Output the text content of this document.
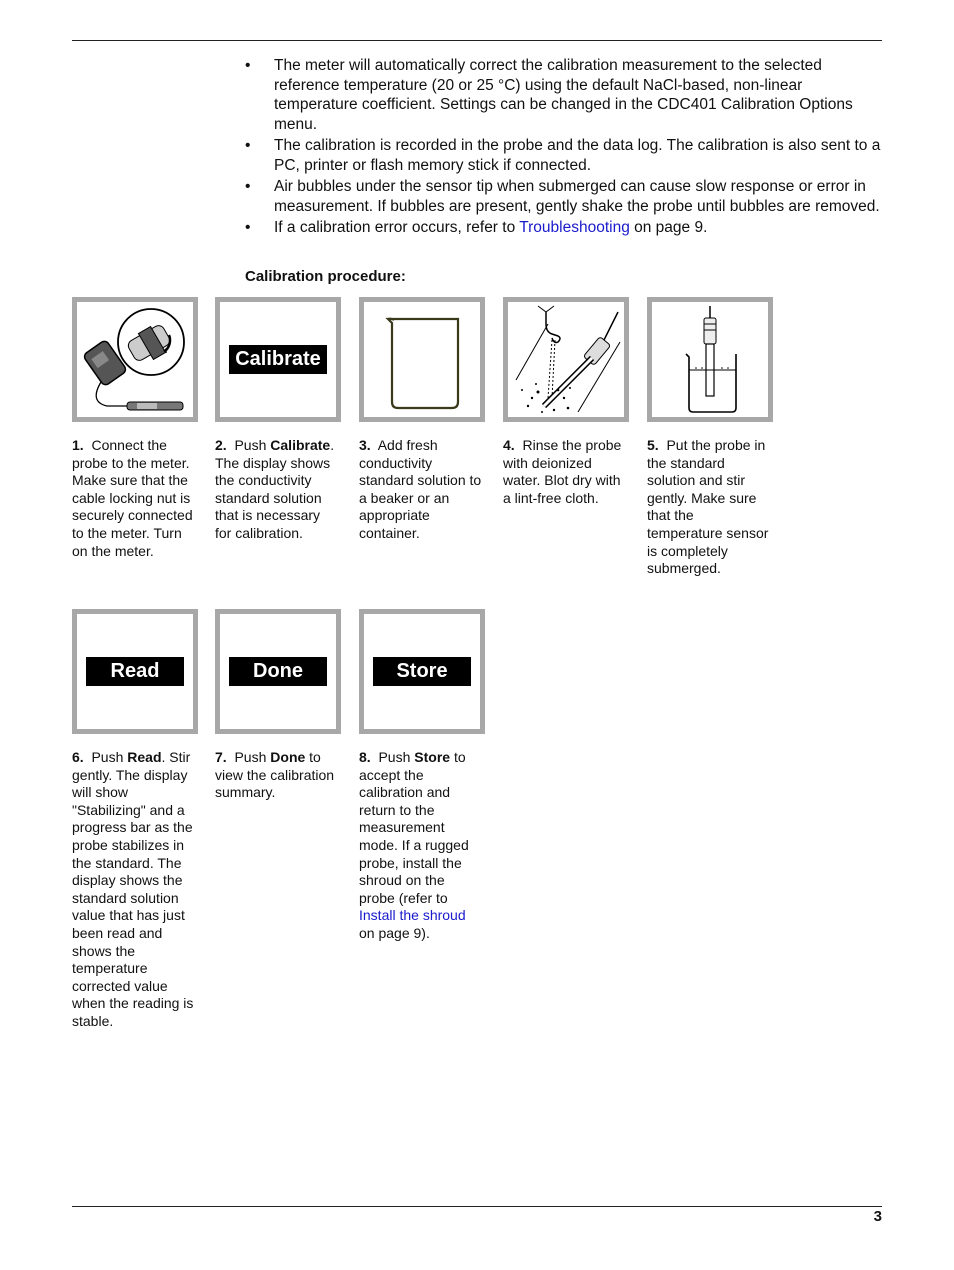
• The meter will automatically correct the calibration measurement to the selected reference temperature (20 or 25 °C) using the default NaCl-based, non-linear temperature coefficient. Settings can be changed in the CDC401 Calibration Options menu.
• The calibration is recorded in the probe and the data log. The calibration is also sent to a PC, printer or flash memory stick if connected.
• Air bubbles under the sensor tip when submerged can cause slow response or error in measurement. If bubbles are present, gently shake the probe until bubbles are removed.
• If a calibration error occurs, refer to Troubleshooting on page 9.
Calibration procedure:
1. Connect the probe to the meter. Make sure that the cable locking nut is securely connected to the meter. Turn on the meter.
Calibrate
2. Push Calibrate. The display shows the conductivity standard solution that is necessary for calibration.
3. Add fresh conductivity standard solution to a beaker or an appropriate container.
4. Rinse the probe with deionized water. Blot dry with a lint-free cloth.
5. Put the probe in the standard solution and stir gently. Make sure that the temperature sensor is completely submerged.
Read
6. Push Read. Stir gently. The display will show "Stabilizing" and a progress bar as the probe stabilizes in the standard. The display shows the standard solution value that has just been read and shows the temperature corrected value when the reading is stable.
Done
7. Push Done to view the calibration summary.
Store
8. Push Store to accept the calibration and return to the measurement mode. If a rugged probe, install the shroud on the probe (refer to Install the shroud on page 9).
3
